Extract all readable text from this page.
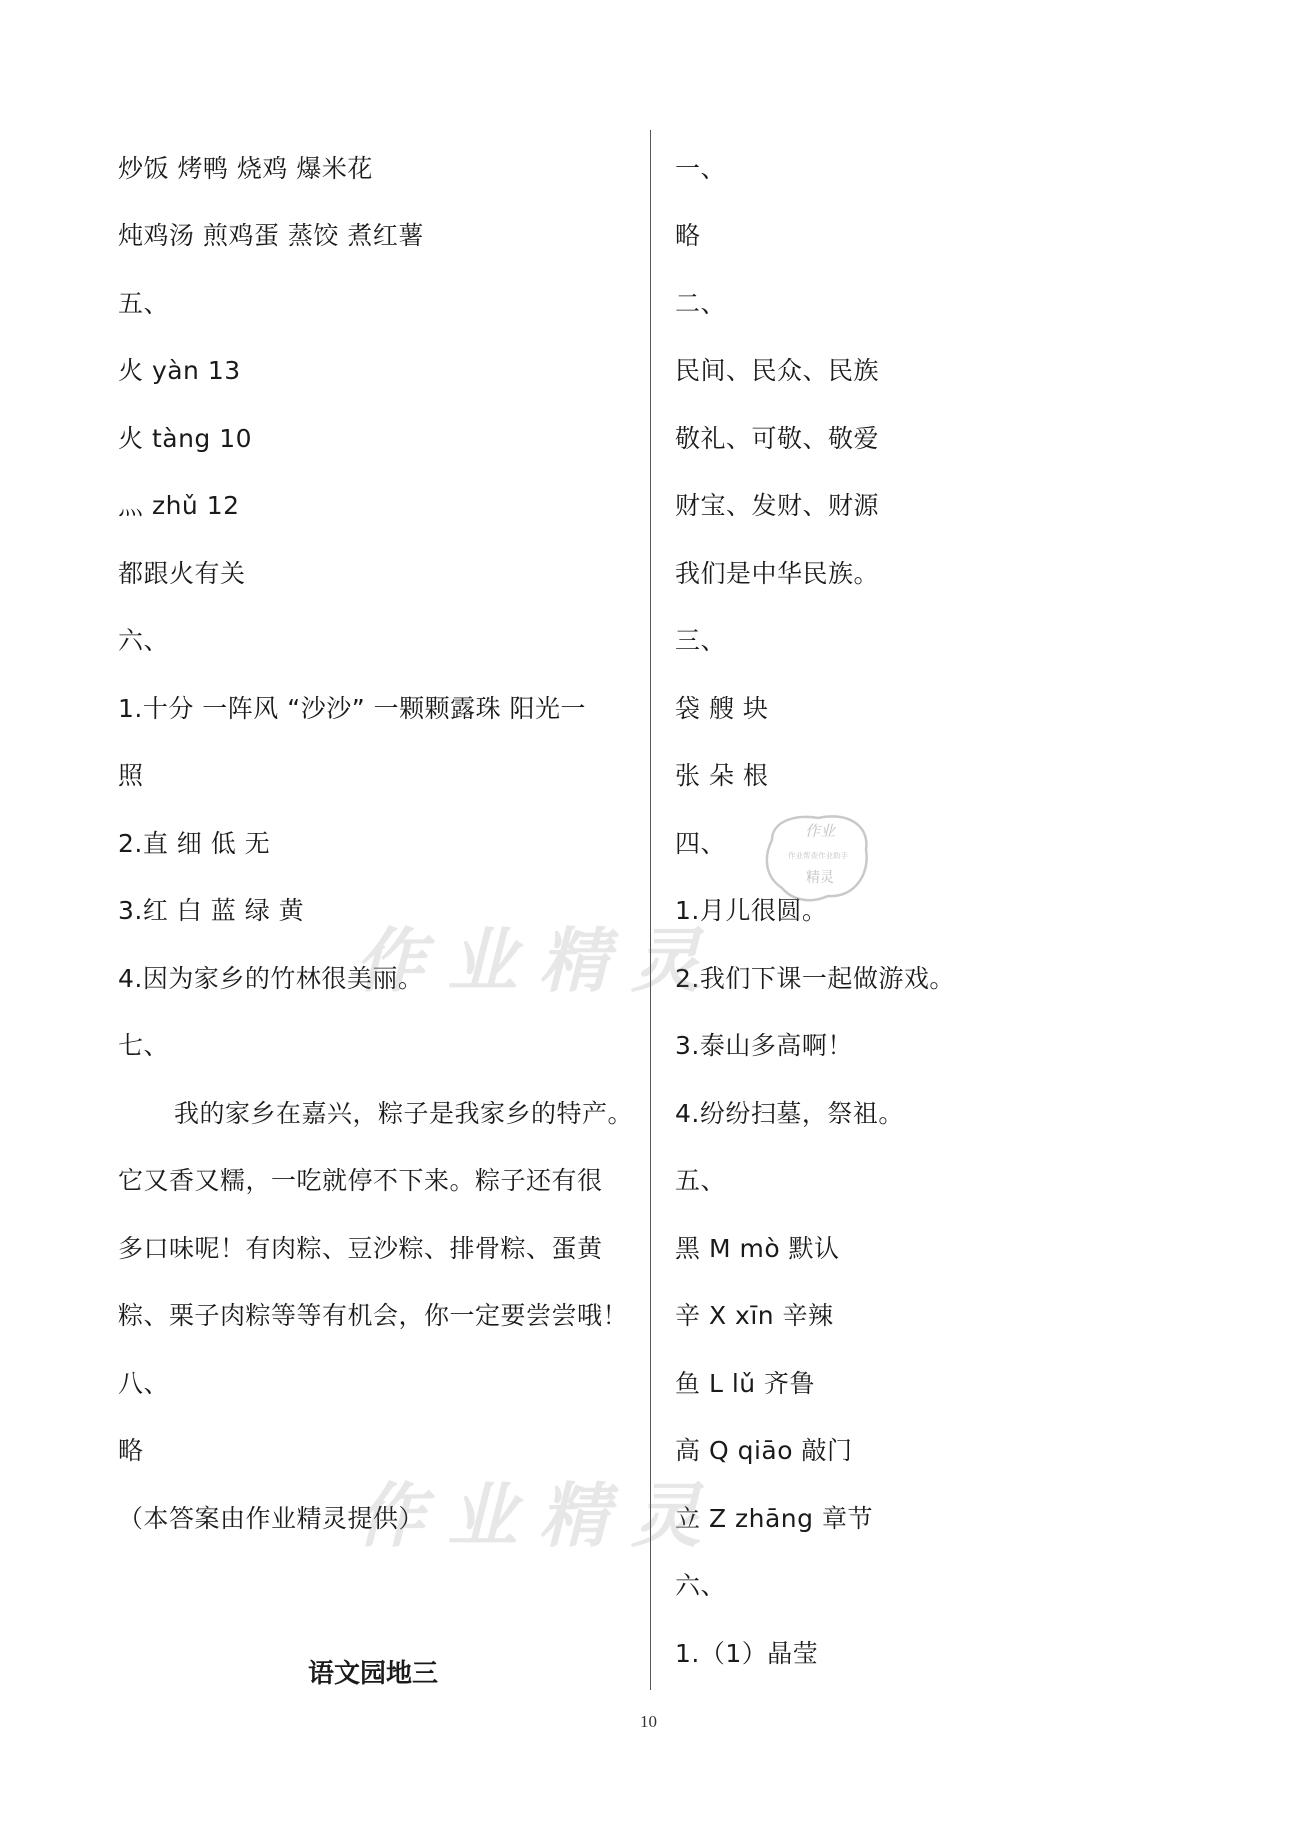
炒饭 烤鸭 烧鸡 爆米花
炖鸡汤 煎鸡蛋 蒸饺 煮红薯
五、
火 yàn 13
火 tàng 10
灬 zhǔ 12
都跟火有关
六、
1.十分 一阵风 “沙沙” 一颗颗露珠 阳光一
照
2.直 细 低 无
3.红 白 蓝 绿 黄
4.因为家乡的竹林很美丽。
七、
我的家乡在嘉兴，粽子是我家乡的特产。
它又香又糯，一吃就停不下来。粽子还有很
多口味呢！有肉粽、豆沙粽、排骨粽、蛋黄
粽、栗子肉粽等等有机会，你一定要尝尝哦！
八、
略
（本答案由作业精灵提供）
语文园地三
一、
略
二、
民间、民众、民族
敬礼、可敬、敬爱
财宝、发财、财源
我们是中华民族。
三、
袋 艘 块
张 朵 根
四、
1.月儿很圆。
2.我们下课一起做游戏。
3.泰山多高啊！
4.纷纷扫墓，祭祖。
五、
黑 M mò 默认
辛 X xīn 辛辣
鱼 L lǔ 齐鲁
高 Q qiāo 敲门
立 Z zhāng 章节
六、
1.（1）晶莹
作业精灵
作业精灵
作业
作业帮查作业助手
精灵
10
